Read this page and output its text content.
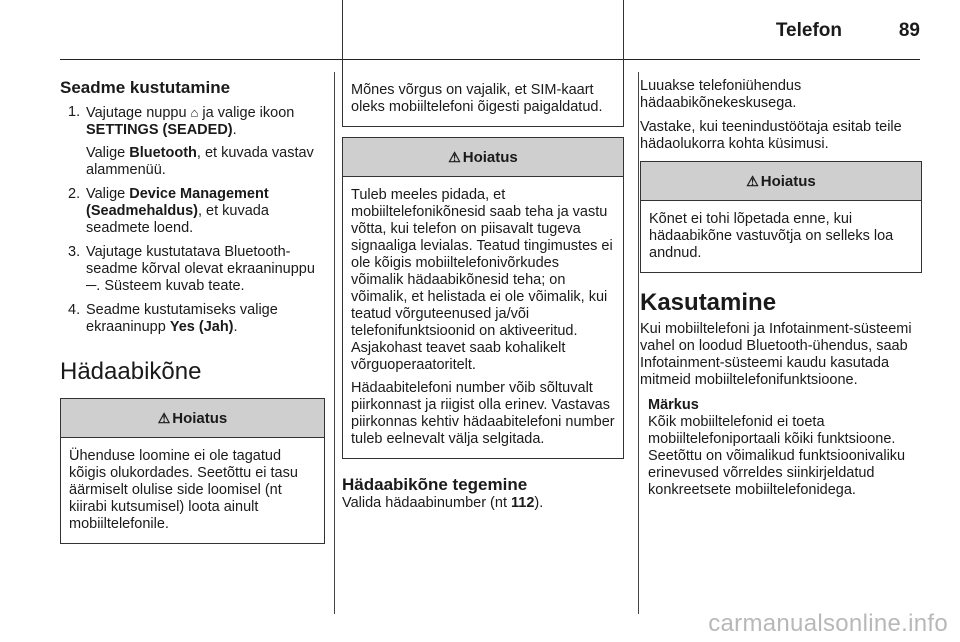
Telefon	89
Seadme kustutamine
1. Vajutage nuppu ⌂ ja valige ikoon SETTINGS (SEADED).

Valige Bluetooth, et kuvada vastav alammenüü.

2. Valige Device Management (Seadmehaldus), et kuvada seadmete loend.
3. Vajutage kustutatava Bluetooth-seadme kõrval olevat ekraaninuppu ─. Süsteem kuvab teate.
4. Seadme kustutamiseks valige ekraaninupp Yes (Jah).
Hädaabikõne
⚠ Hoiatus

Ühenduse loomine ei ole tagatud kõigis olukordades. Seetõttu ei tasu äärmiselt olulise side loomisel (nt kiirabi kutsumisel) loota ainult mobiiltelefonile.

Mõnes võrgus on vajalik, et SIM-kaart oleks mobiiltelefoni õigesti paigaldatud.

⚠ Hoiatus

Tuleb meeles pidada, et mobiiltelefonikõnesid saab teha ja vastu võtta, kui telefon on piisavalt tugeva signaaliga levialas. Teatud tingimustes ei ole kõigis mobiiltelefonivõrkudes võimalik hädaabikõnesid teha; on võimalik, et helistada ei ole võimalik, kui teatud võrguteenused ja/või telefonifunktsioonid on aktiveeritud. Asjakohast teavet saab kohalikelt võrguoperaatoritelt.

Hädaabitelefoni number võib sõltuvalt piirkonnast ja riigist olla erinev. Vastavas piirkonnas kehtiv hädaabitelefoni number tuleb eelnevalt välja selgitada.

Hädaabikõne tegemine

Valida hädaabinumber (nt 112).

Luuakse telefoniühendus hädaabikõnekeskusega.

Vastake, kui teenindustöötaja esitab teile hädaolukorra kohta küsimusi.

⚠ Hoiatus

Kõnet ei tohi lõpetada enne, kui hädaabikõne vastuvõtja on selleks loa andnud.

Kasutamine

Kui mobiiltelefoni ja Infotainment-süsteemi vahel on loodud Bluetooth-ühendus, saab Infotainment-süsteemi kaudu kasutada mitmeid mobiiltelefonifunktsioone.

Märkus
Kõik mobiiltelefonid ei toeta mobiiltelefoniportaali kõiki funktsioone. Seetõttu on võimalikud funktsioonivaliku erinevused võrreldes siinkirjeldatud konkreetsete mobiiltelefonidega.
carmanualsonline.info
